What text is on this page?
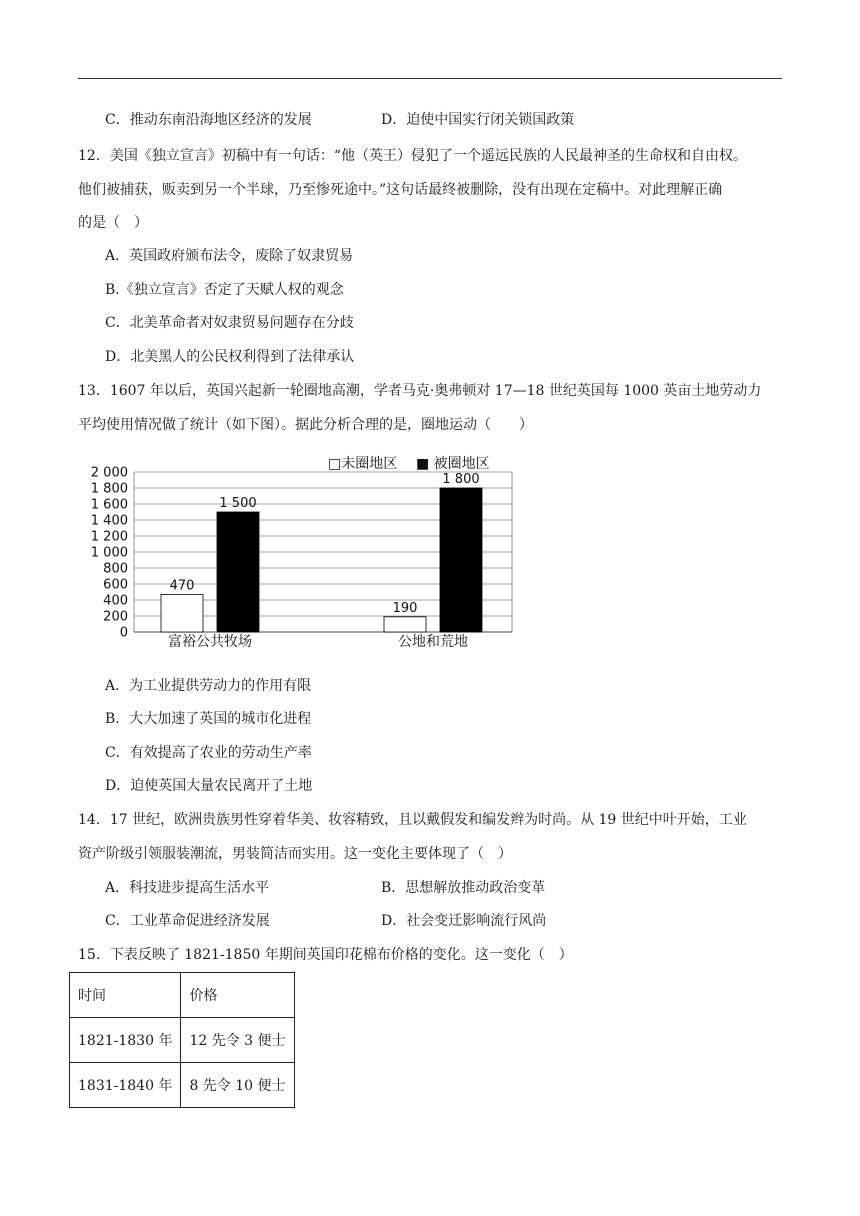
C．推动东南沿海地区经济的发展	D．迫使中国实行闭关锁国政策
12．美国《独立宣言》初稿中有一句话：“他（英王）侵犯了一个遥远民族的人民最神圣的生命权和自由权。
他们被捕获，贩卖到另一个半球，乃至惨死途中。”这句话最终被删除，没有出现在定稿中。对此理解正确
的是（　）
A．英国政府颁布法令，废除了奴隶贸易
B.《独立宣言》否定了天赋人权的观念
C．北美革命者对奴隶贸易问题存在分歧
D．北美黑人的公民权利得到了法律承认
13．1607 年以后，英国兴起新一轮圈地高潮，学者马克·奥弗顿对 17—18 世纪英国每 1000 英亩土地劳动力
平均使用情况做了统计（如下图）。据此分析合理的是，圈地运动（　　）
0
200
400
600
800
1 000
1 200
1 400
1 600
1 800
2 000
470
1 500
190
1 800
富裕公共牧场	公地和荒地
□未圈地区 ■ 被圈地区
A．为工业提供劳动力的作用有限
B．大大加速了英国的城市化进程
C．有效提高了农业的劳动生产率
D．迫使英国大量农民离开了土地
14．17 世纪，欧洲贵族男性穿着华美、妆容精致，且以戴假发和编发辫为时尚。从 19 世纪中叶开始，工业
资产阶级引领服装潮流，男装简洁而实用。这一变化主要体现了（　）
A．科技进步提高生活水平	B．思想解放推动政治变革
C．工业革命促进经济发展	D．社会变迁影响流行风尚
15．下表反映了 1821-1850 年期间英国印花棉布价格的变化。这一变化（　）
时间	价格
1821-1830 年	12 先令 3 便士
1831-1840 年	8 先令 10 便士
